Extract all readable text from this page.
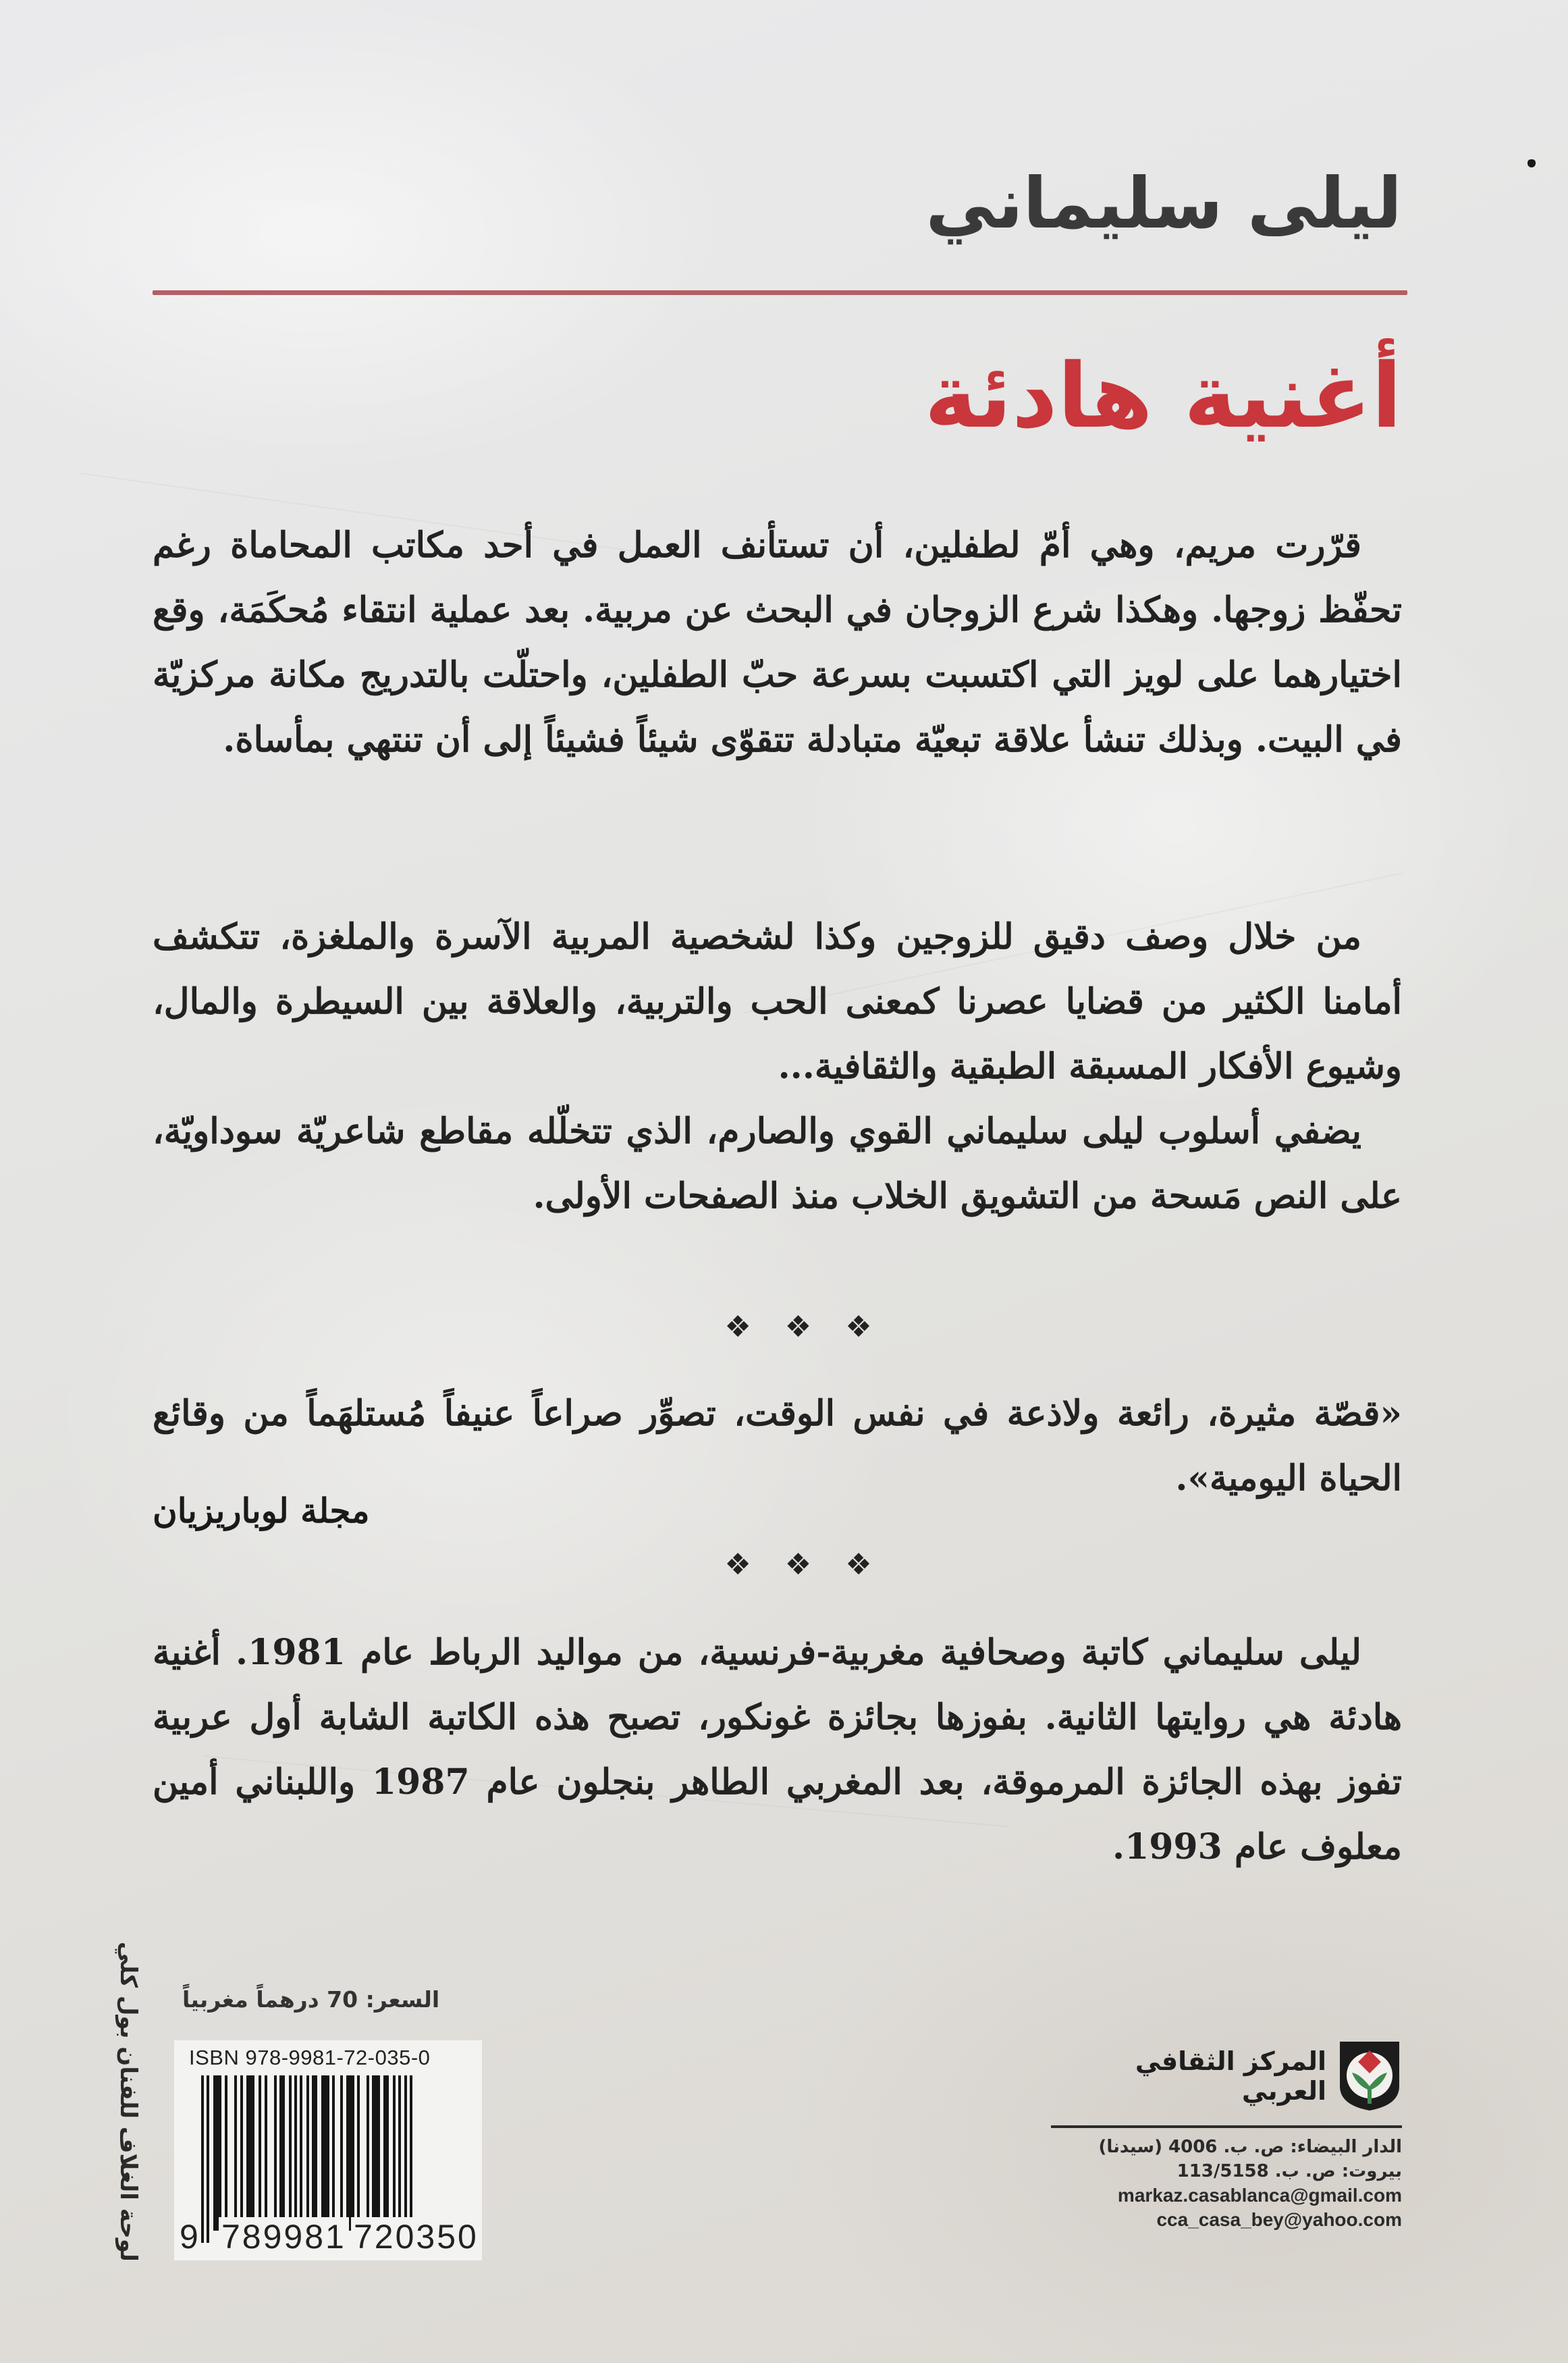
ليلى سليماني
أغنية هادئة

قرّرت مريم، وهي أمّ لطفلين، أن تستأنف العمل في أحد مكاتب المحاماة رغم تحفّظ زوجها. وهكذا شرع الزوجان في البحث عن مربية. بعد عملية انتقاء مُحكَمَة، وقع اختيارهما على لويز التي اكتسبت بسرعة حبّ الطفلين، واحتلّت بالتدريج مكانة مركزيّة في البيت. وبذلك تنشأ علاقة تبعيّة متبادلة تتقوّى شيئاً فشيئاً إلى أن تنتهي بمأساة.

من خلال وصف دقيق للزوجين وكذا لشخصية المربية الآسرة والملغزة، تتكشف أمامنا الكثير من قضايا عصرنا كمعنى الحب والتربية، والعلاقة بين السيطرة والمال، وشيوع الأفكار المسبقة الطبقية والثقافية...

يضفي أسلوب ليلى سليماني القوي والصارم، الذي تتخلّله مقاطع شاعريّة سوداويّة، على النص مَسحة من التشويق الخلاب منذ الصفحات الأولى.

❖ ❖ ❖
«قصّة مثيرة، رائعة ولاذعة في نفس الوقت، تصوِّر صراعاً عنيفاً مُستلهَماً من وقائع الحياة اليومية».
مجلة لوباريزيان
❖ ❖ ❖

ليلى سليماني كاتبة وصحافية مغربية-فرنسية، من مواليد الرباط عام 1981. أغنية هادئة هي روايتها الثانية. بفوزها بجائزة غونكور، تصبح هذه الكاتبة الشابة أول عربية تفوز بهذه الجائزة المرموقة، بعد المغربي الطاهر بنجلون عام 1987 واللبناني أمين معلوف عام 1993.

لوحة الغلاف للفنان بول كلي السعر: 70 درهماً مغربياً
ISBN 978-9981-72-035-0
9 789981 720350
المركز الثقافي العربي
الدار البيضاء: ص. ب. 4006 (سيدنا)
بيروت: ص. ب. 113/5158
markaz.casablanca@gmail.com
cca_casa_bey@yahoo.com
